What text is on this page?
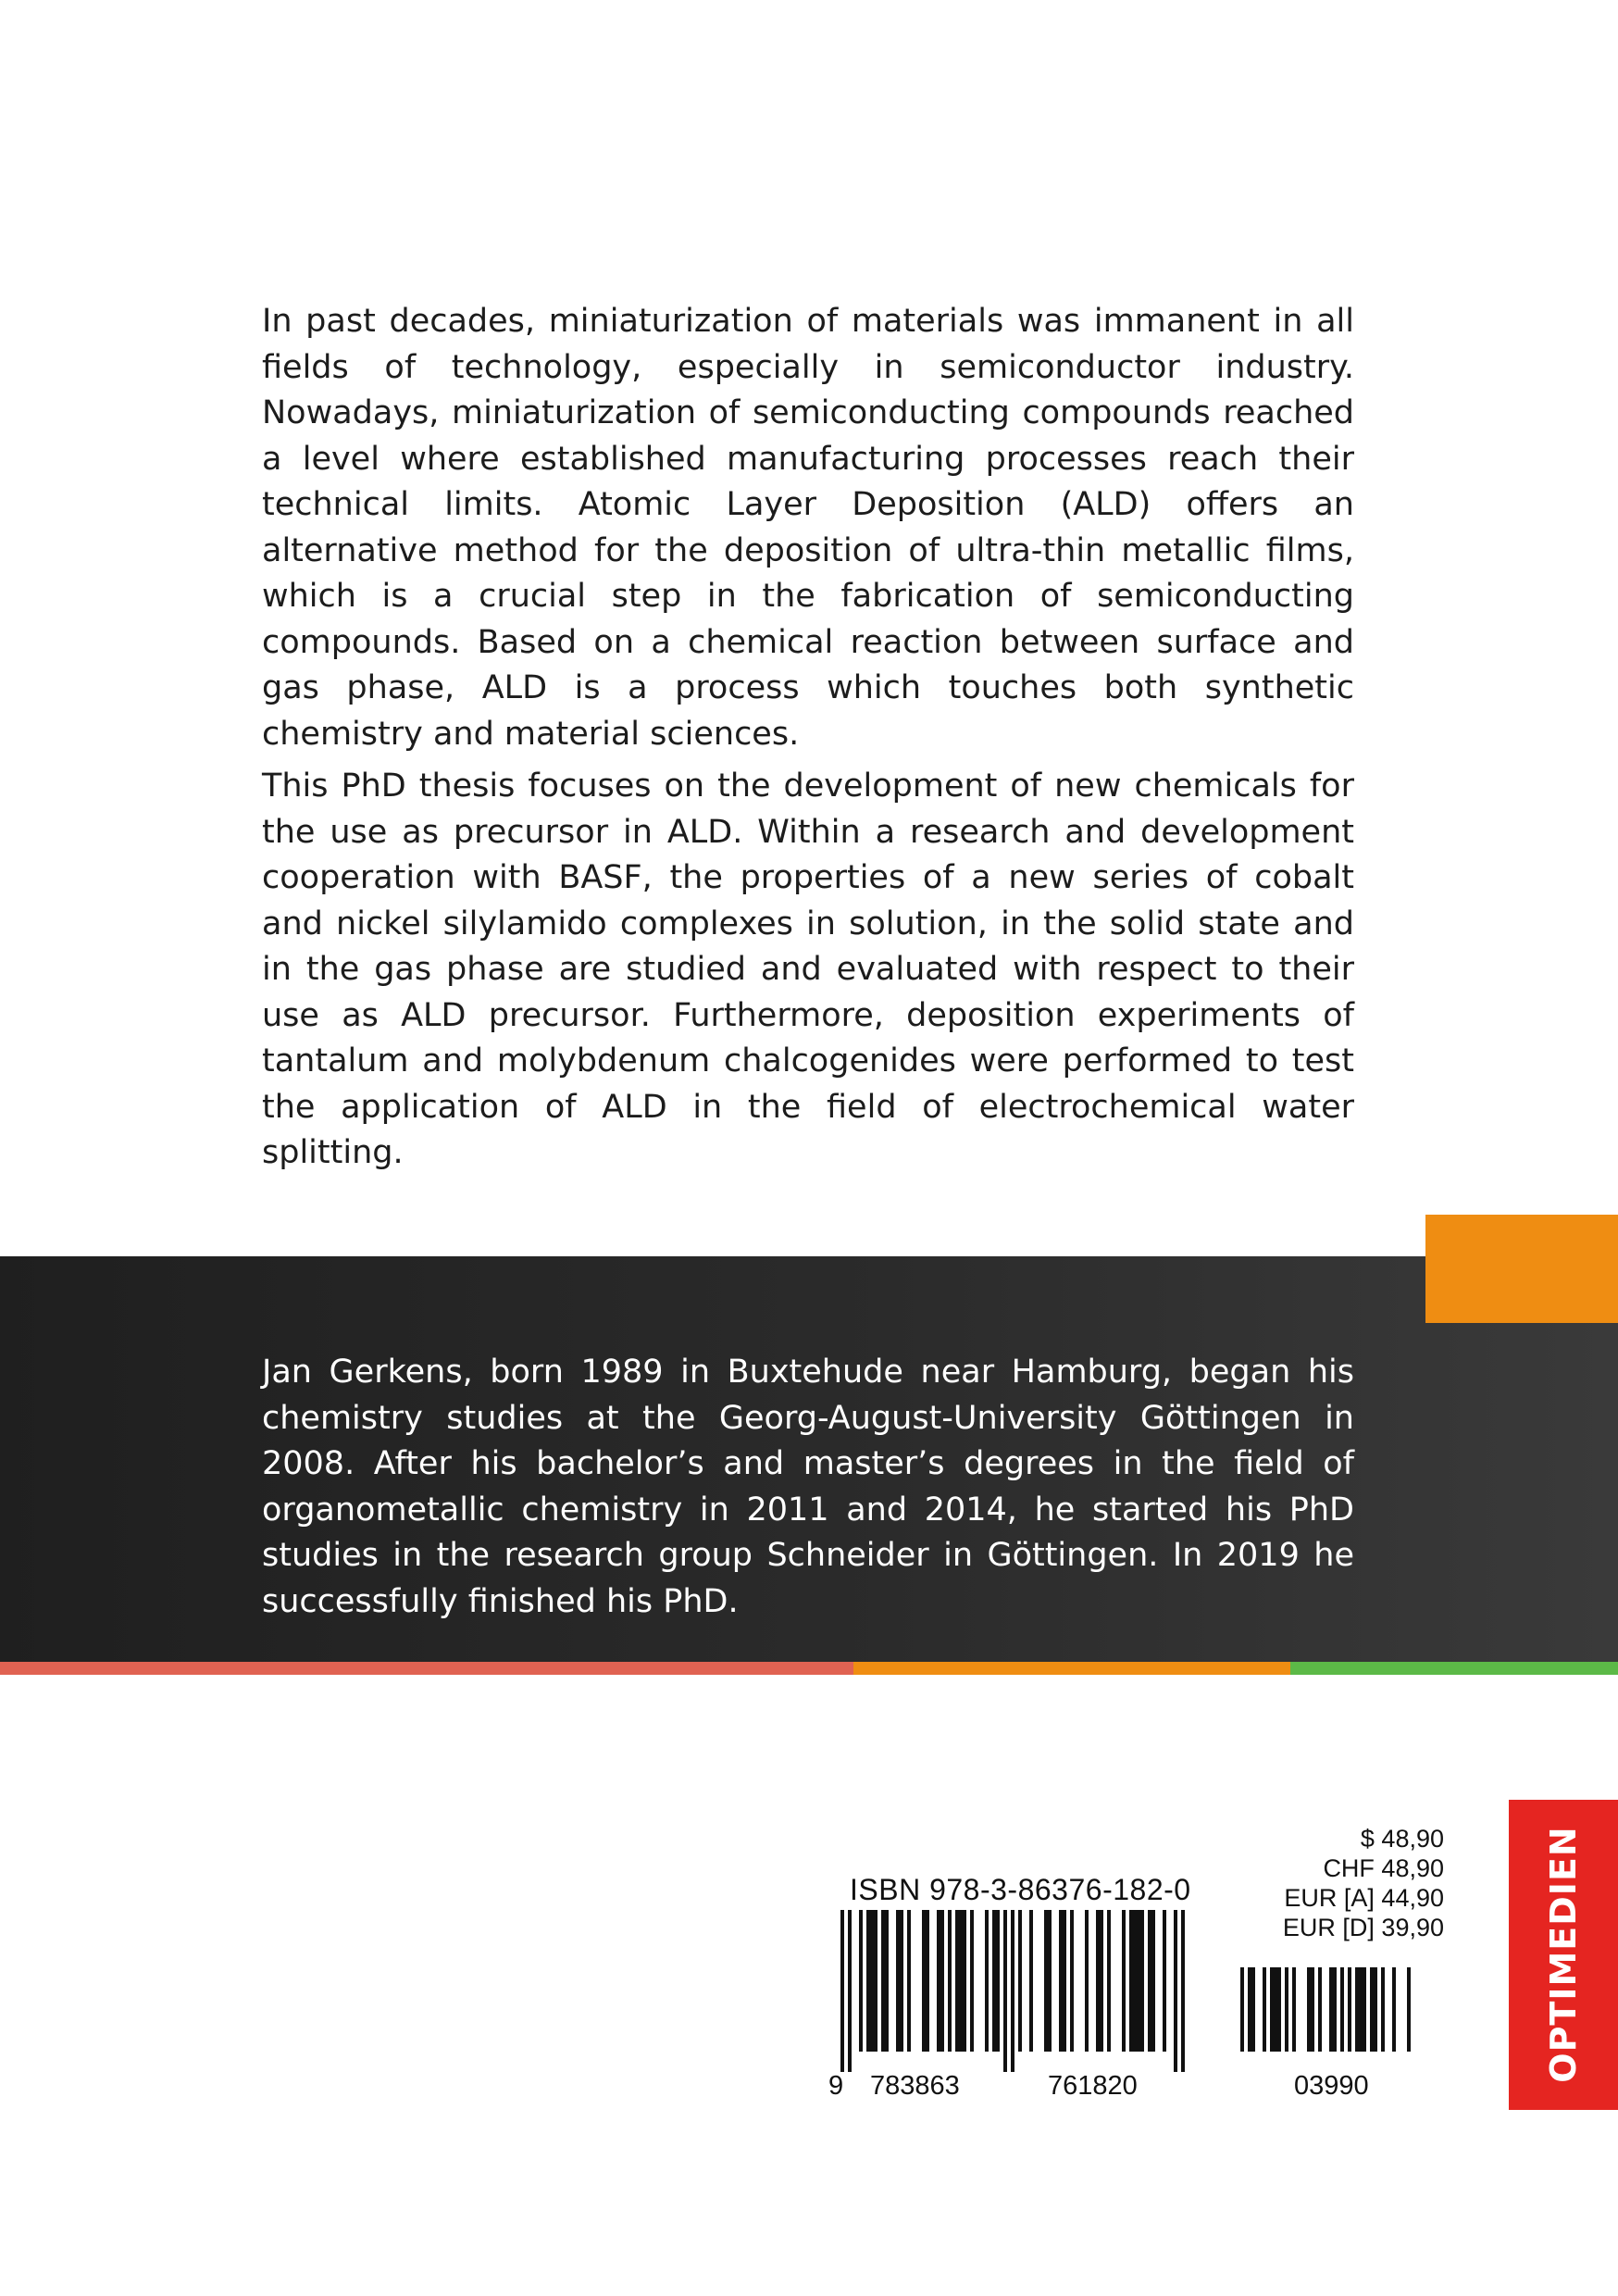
In past decades, miniaturization of materials was immanent in all fields of technology, especially in semiconductor industry. Nowadays, miniaturization of semiconducting compounds reached a level where established manufacturing processes reach their technical limits. Atomic Layer Deposition (ALD) offers an alternative method for the deposition of ultra-thin metallic films, which is a crucial step in the fabrication of semiconducting compounds. Based on a chemical reaction between surface and gas phase, ALD is a process which touches both synthetic chemistry and material sciences.

This PhD thesis focuses on the development of new chemicals for the use as precursor in ALD. Within a research and development cooperation with BASF, the properties of a new series of cobalt and nickel silylamido complexes in solution, in the solid state and in the gas phase are studied and evaluated with respect to their use as ALD precursor. Furthermore, deposition experiments of tantalum and molybdenum chalcogenides were performed to test the application of ALD in the field of electrochemical water splitting.

Jan Gerkens, born 1989 in Buxtehude near Hamburg, began his chemistry studies at the Georg-August-University Göttingen in 2008. After his bachelor’s and master’s degrees in the field of organometallic chemistry in 2011 and 2014, he started his PhD studies in the research group Schneider in Göttingen. In 2019 he successfully finished his PhD.

ISBN 978-3-86376-182-0
$ 48,90
CHF 48,90
EUR [A] 44,90
EUR [D] 39,90
9 783863	761820	03990
OPTIMEDIEN
